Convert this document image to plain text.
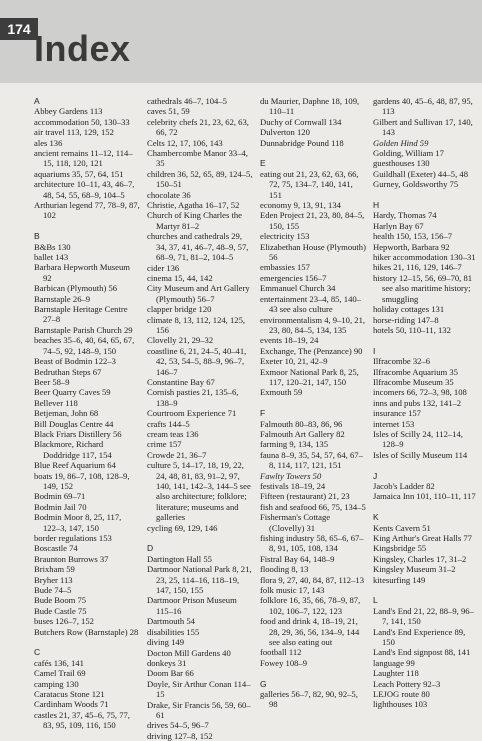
174 Index
A
Abbey Gardens 113
accommodation 50, 130–33
air travel 113, 129, 152
ales 136
ancient remains 11–12, 114–15, 118, 120, 121
aquariums 35, 57, 64, 151
architecture 10–11, 43, 46–7, 48, 54, 55, 68–9, 104–5
Arthurian legend 77, 78–9, 87, 102
B
B&Bs 130
ballet 143
Barbara Hepworth Museum 92
Barbican (Plymouth) 56
Barnstaple 26–9
Barnstaple Heritage Centre 27–8
Barnstaple Parish Church 29
beaches 35–6, 40, 64, 65, 67, 74–5, 92, 148–9, 150
Beast of Bodmin 122–3
Bedruthan Steps 67
Beer 58–9
Beer Quarry Caves 59
Bellever 118
Betjeman, John 68
Bill Douglas Centre 44
Black Friars Distillery 56
Blackmore, Richard Doddridge 117, 154
Blue Reef Aquarium 64
boats 19, 86–7, 108, 128–9, 149, 152
Bodmin 69–71
Bodmin Jail 70
Bodmin Moor 8, 25, 117, 122–3, 147, 150
border regulations 153
Boscastle 74
Braunton Burrows 37
Brixham 59
Bryher 113
Bude 74–5
Bude Boom 75
Bude Castle 75
buses 126–7, 152
Butchers Row (Barnstaple) 28
C
cafés 136, 141
Camel Trail 69
camping 130
Caratacus Stone 121
Cardinham Woods 71
castles 21, 37, 45–6, 75, 77, 83, 95, 109, 116, 150
cathedrals 46–7, 104–5
caves 51, 59
celebrity chefs 21, 23, 62, 63, 66, 72
Celts 12, 17, 106, 143
Chambercombe Manor 33–4, 35
children 36, 52, 65, 89, 124–5, 150–51
chocolate 36
Christie, Agatha 16–17, 52
Church of King Charles the Martyr 81–2
churches and cathedrals 29, 34, 37, 41, 46–7, 48–9, 57, 68–9, 71, 81–2, 104–5
cider 136
cinema 15, 44, 142
City Museum and Art Gallery (Plymouth) 56–7
clapper bridge 120
climate 8, 13, 112, 124, 125, 156
Clovelly 21, 29–32
coastline 6, 21, 24–5, 40–41, 42, 53, 54–5, 88–9, 96–7, 146–7
Constantine Bay 67
Cornish pasties 21, 135–6, 138–9
Courtroom Experience 71
crafts 144–5
cream teas 136
crime 157
Crowde 21, 36–7
culture 5, 14–17, 18, 19, 22, 24, 48, 81, 83, 91–2, 97, 140, 141, 142–3, 144–5 see also architecture; folklore; literature; museums and galleries
cycling 69, 129, 146
D
Dartington Hall 55
Dartmoor National Park 8, 21, 23, 25, 114–16, 118–19, 147, 150, 155
Dartmoor Prison Museum 115–16
Dartmouth 54
disabilities 155
diving 149
Docton Mill Gardens 40
donkeys 31
Doom Bar 66
Doyle, Sir Arthur Conan 114–15
Drake, Sir Francis 56, 59, 60–61
drives 54–5, 96–7
driving 127–8, 152
du Maurier, Daphne 18, 109, 110–11
Duchy of Cornwall 134
Dulverton 120
Dunnabridge Pound 118
E
eating out 21, 23, 62, 63, 66, 72, 75, 134–7, 140, 141, 151
economy 9, 13, 91, 134
Eden Project 21, 23, 80, 84–5, 150, 155
electricity 153
Elizabethan House (Plymouth) 56
embassies 157
emergencies 156–7
Emmanuel Church 34
entertainment 23–4, 85, 140–43 see also culture
environmentalism 4, 9–10, 21, 23, 80, 84–5, 134, 135
events 18–19, 24
Exchange, The (Penzance) 90
Exeter 10, 21, 42–9
Exmoor National Park 8, 25, 117, 120–21, 147, 150
Exmouth 59
F
Falmouth 80–83, 86, 96
Falmouth Art Gallery 82
farming 9, 134, 135
fauna 8–9, 35, 54, 57, 64, 67–8, 114, 117, 121, 151
Fawlty Towers 50
festivals 18–19, 24
Fifteen (restaurant) 21, 23
fish and seafood 66, 75, 134–5
Fisherman's Cottage (Clovelly) 31
fishing industry 58, 65–6, 67–8, 91, 105, 108, 134
Fistral Bay 64, 148–9
flooding 8, 13
flora 9, 27, 40, 84, 87, 112–13
folk music 17, 143
folklore 16, 35, 66, 78–9, 87, 102, 106–7, 122, 123
food and drink 4, 18–19, 21, 28, 29, 36, 56, 134–9, 144 see also eating out
football 112
Fowey 108–9
G
galleries 56–7, 82, 90, 92–5, 98
gardens 40, 45–6, 48, 87, 95, 113
Gilbert and Sullivan 17, 140, 143
Golden Hind 59
Golding, William 17
guesthouses 130
Guildhall (Exeter) 44–5, 48
Gurney, Goldsworthy 75
H
Hardy, Thomas 74
Harlyn Bay 67
health 150, 153, 156–7
Hepworth, Barbara 92
hiker accommodation 130–31
hikes 21, 116, 129, 146–7
history 12–15, 56, 69–70, 81 see also maritime history; smuggling
holiday cottages 131
horse-riding 147–8
hotels 50, 110–11, 132
I
Ilfracombe 32–6
Ilfracombe Aquarium 35
Ilfracombe Museum 35
incomers 66, 72–3, 98, 108
inns and pubs 132, 141–2
insurance 157
internet 153
Isles of Scilly 24, 112–14, 128–9
Isles of Scilly Museum 114
J
Jacob's Ladder 82
Jamaica Inn 101, 110–11, 117
K
Kents Cavern 51
King Arthur's Great Halls 77
Kingsbridge 55
Kingsley, Charles 17, 31–2
Kingsley Museum 31–2
kitesurfing 149
L
Land's End 21, 22, 88–9, 96–7, 141, 150
Land's End Experience 89, 150
Land's End signpost 88, 141
language 99
Laughter 118
Leach Pottery 92–3
LEJOG route 80
lighthouses 103
